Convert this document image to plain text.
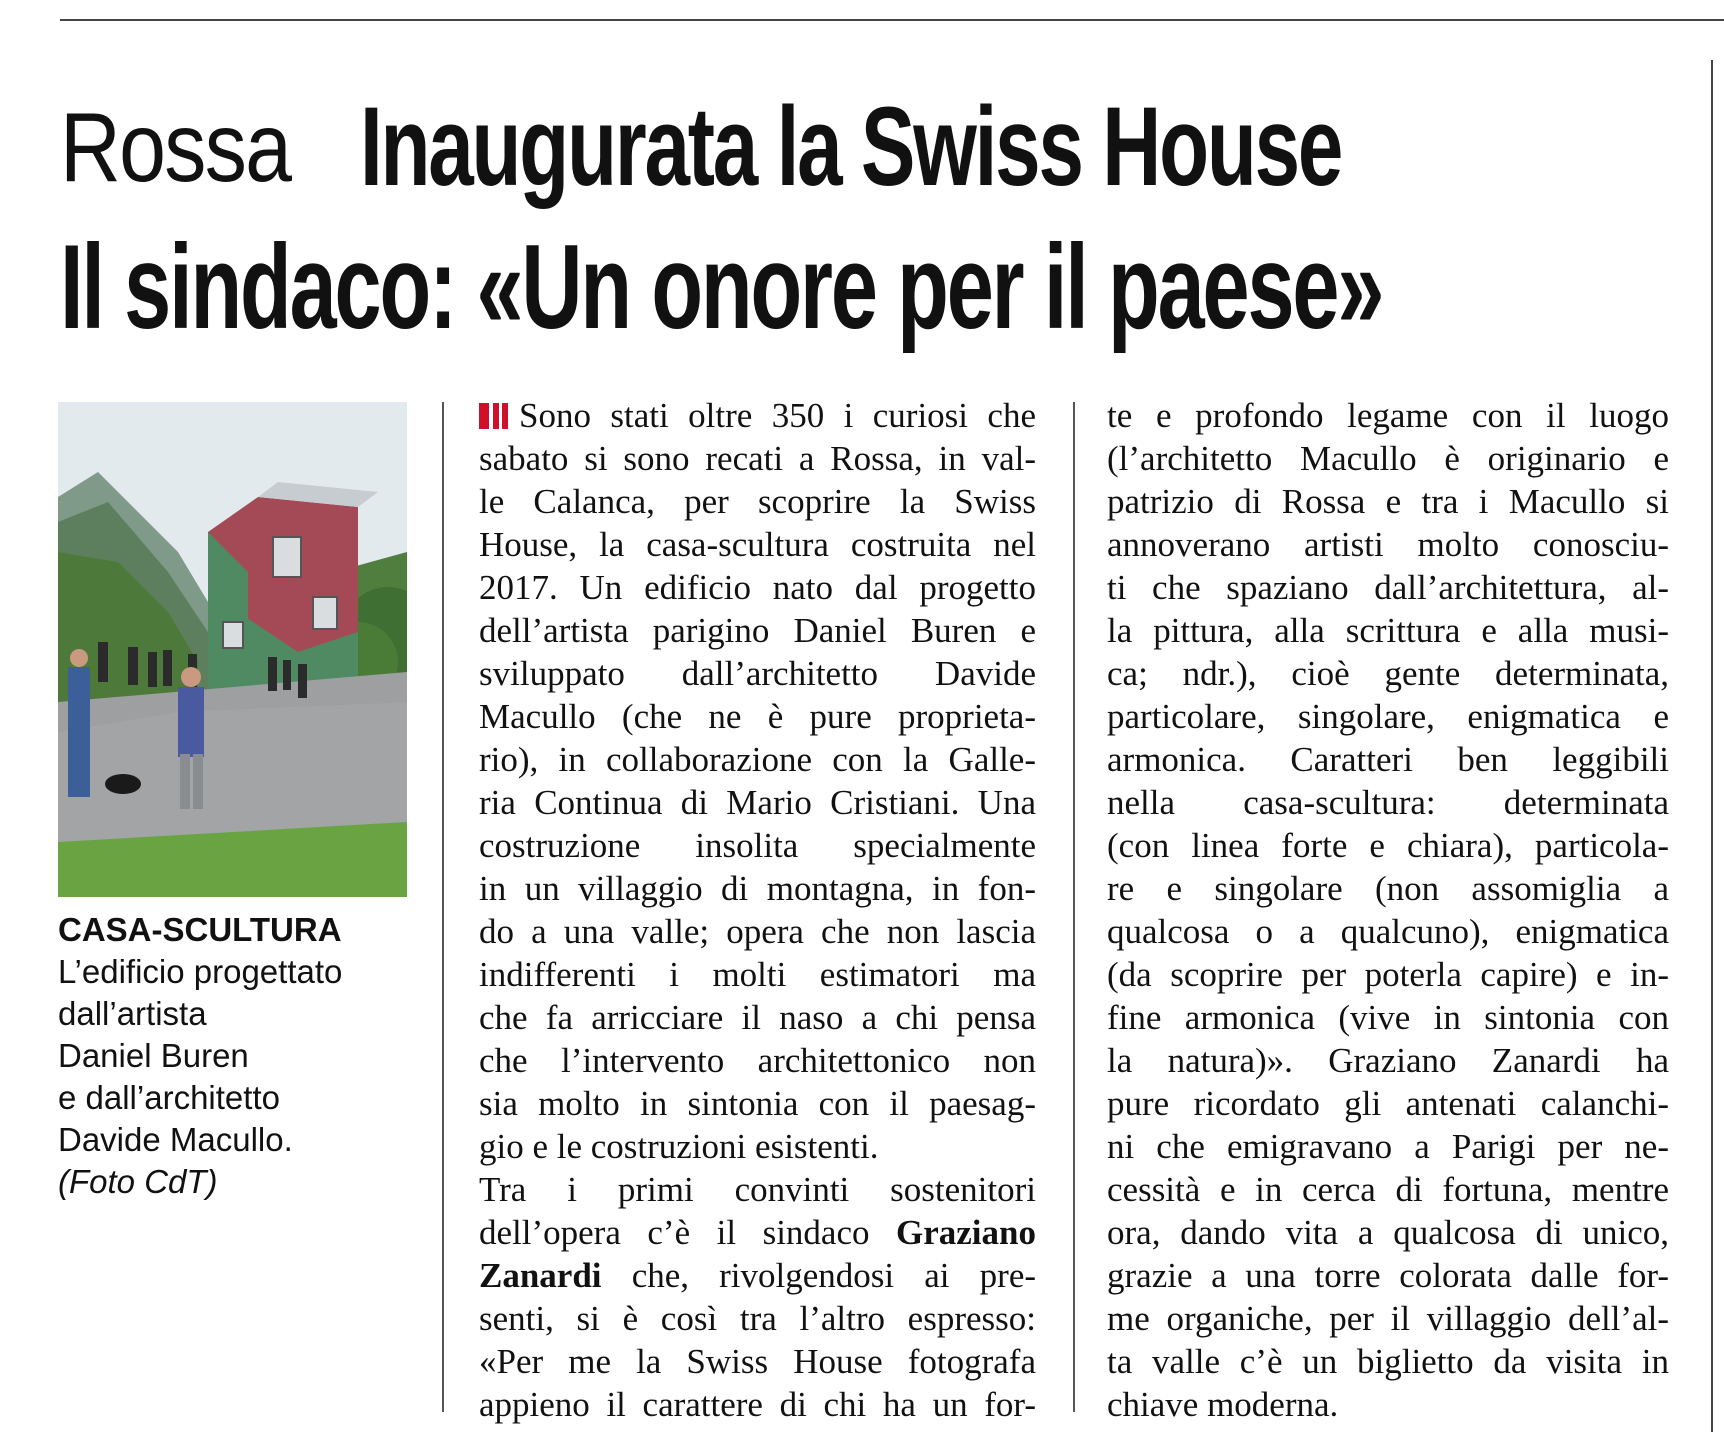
Rossa Inaugurata la Swiss House
Il sindaco: «Un onore per il paese»
CASA-SCULTURA
L’edificio progettato
dall’artista
Daniel Buren
e dall’architetto
Davide Macullo.
(Foto CdT)
Sono stati oltre 350 i curiosi che
sabato si sono recati a Rossa, in val-
le Calanca, per scoprire la Swiss
House, la casa-scultura costruita nel
2017. Un edificio nato dal progetto
dell’artista parigino Daniel Buren e
sviluppato dall’architetto Davide
Macullo (che ne è pure proprieta-
rio), in collaborazione con la Galle-
ria Continua di Mario Cristiani. Una
costruzione insolita specialmente
in un villaggio di montagna, in fon-
do a una valle; opera che non lascia
indifferenti i molti estimatori ma
che fa arricciare il naso a chi pensa
che l’intervento architettonico non
sia molto in sintonia con il paesag-
gio e le costruzioni esistenti.
Tra i primi convinti sostenitori
dell’opera c’è il sindaco Graziano
Zanardi che, rivolgendosi ai pre-
senti, si è così tra l’altro espresso:
«Per me la Swiss House fotografa
appieno il carattere di chi ha un for-
te e profondo legame con il luogo
(l’architetto Macullo è originario e
patrizio di Rossa e tra i Macullo si
annoverano artisti molto conosciu-
ti che spaziano dall’architettura, al-
la pittura, alla scrittura e alla musi-
ca; ndr.), cioè gente determinata,
particolare, singolare, enigmatica e
armonica. Caratteri ben leggibili
nella casa-scultura: determinata
(con linea forte e chiara), particola-
re e singolare (non assomiglia a
qualcosa o a qualcuno), enigmatica
(da scoprire per poterla capire) e in-
fine armonica (vive in sintonia con
la natura)». Graziano Zanardi ha
pure ricordato gli antenati calanchi-
ni che emigravano a Parigi per ne-
cessità e in cerca di fortuna, mentre
ora, dando vita a qualcosa di unico,
grazie a una torre colorata dalle for-
me organiche, per il villaggio dell’al-
ta valle c’è un biglietto da visita in
chiave moderna.
